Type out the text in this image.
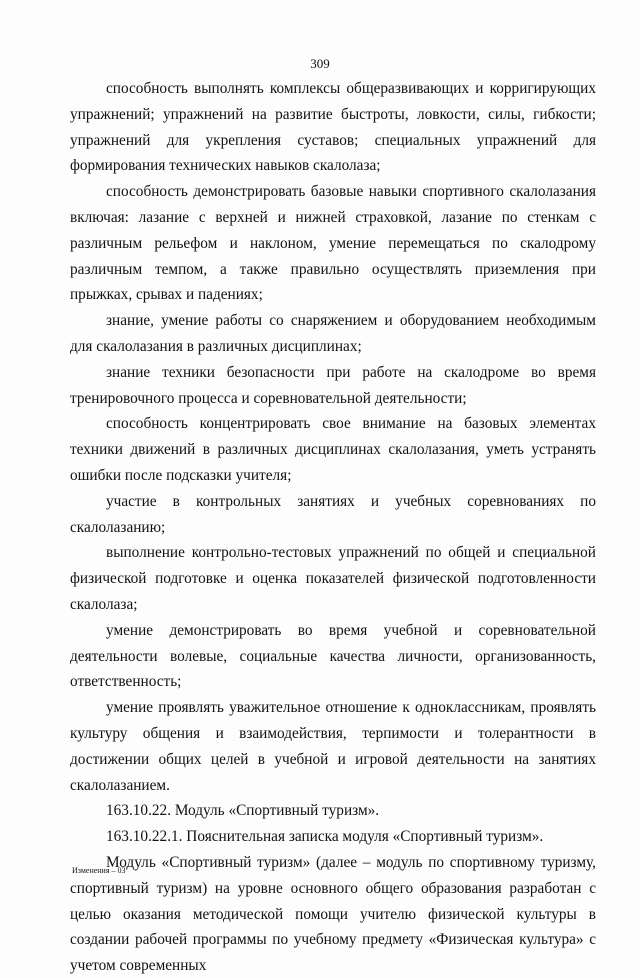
309

способность выполнять комплексы общеразвивающих и корригирующих упражнений; упражнений на развитие быстроты, ловкости, силы, гибкости; упражнений для укрепления суставов; специальных упражнений для формирования технических навыков скалолаза;

способность демонстрировать базовые навыки спортивного скалолазания включая: лазание с верхней и нижней страховкой, лазание по стенкам с различным рельефом и наклоном, умение перемещаться по скалодрому различным темпом, а также правильно осуществлять приземления при прыжках, срывах и падениях;

знание, умение работы со снаряжением и оборудованием необходимым для скалолазания в различных дисциплинах;

знание техники безопасности при работе на скалодроме во время тренировочного процесса и соревновательной деятельности;

способность концентрировать свое внимание на базовых элементах техники движений в различных дисциплинах скалолазания, уметь устранять ошибки после подсказки учителя;

участие в контрольных занятиях и учебных соревнованиях по скалолазанию;

выполнение контрольно-тестовых упражнений по общей и специальной физической подготовке и оценка показателей физической подготовленности скалолаза;

умение демонстрировать во время учебной и соревновательной деятельности волевые, социальные качества личности, организованность, ответственность;

умение проявлять уважительное отношение к одноклассникам, проявлять культуру общения и взаимодействия, терпимости и толерантности в достижении общих целей в учебной и игровой деятельности на занятиях скалолазанием.

163.10.22. Модуль «Спортивный туризм».

163.10.22.1. Пояснительная записка модуля «Спортивный туризм».

Модуль «Спортивный туризм» (далее – модуль по спортивному туризму, спортивный туризм) на уровне основного общего образования разработан с целью оказания методической помощи учителю физической культуры в создании рабочей программы по учебному предмету «Физическая культура» с учетом современных

Изменения – 03
